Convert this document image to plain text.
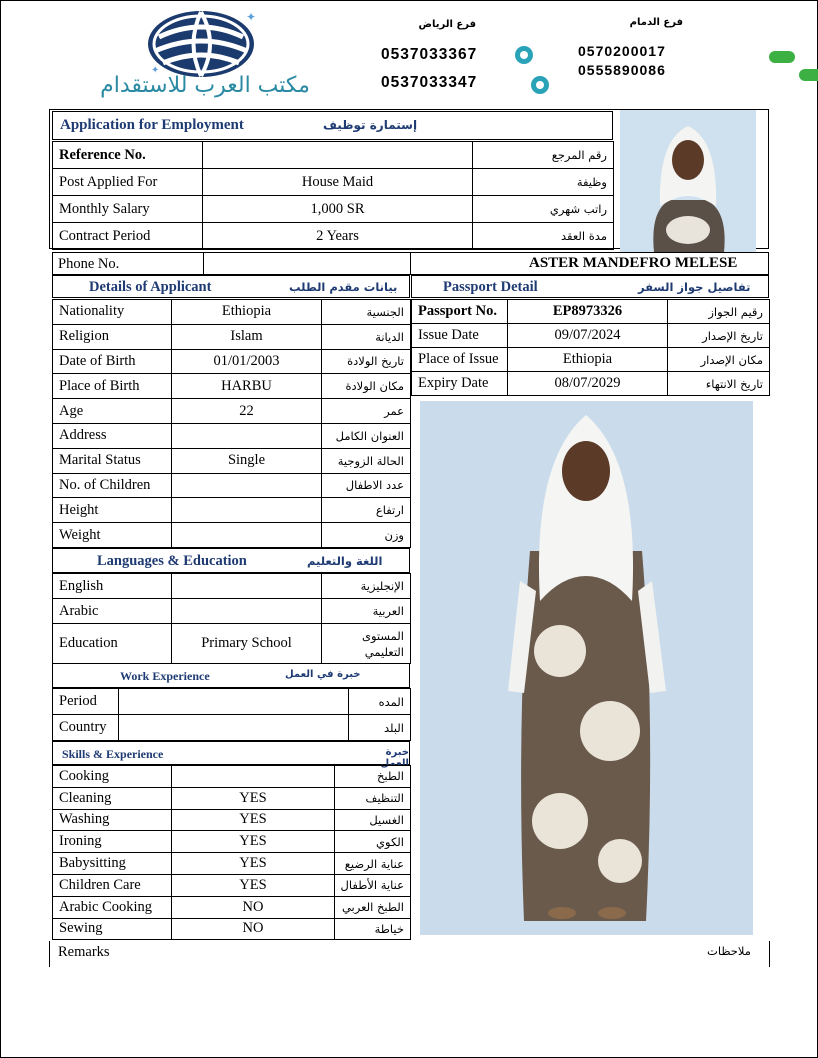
✦
✦
مكتب العرب للاستقدام
فرع الرياض
0537033367

0537033347

فرع الدمام
0570200017

0555890086
Application for Employment	إستمارة توظيف
Reference No.		رقم المرجع
Post Applied For	House Maid	وظيفة
Monthly Salary	1,000 SR	راتب شهري
Contract Period	2 Years	مدة العقد
Phone No.	ASTER MANDEFRO MELESE
Details of Applicant	بيانات مقدم الطلب
Nationality	Ethiopia	الجنسية
Religion	Islam	الديانة
Date of Birth	01/01/2003	تاريخ الولادة
Place of Birth	HARBU	مكان الولادة
Age	22	عمر
Address		العنوان الكامل
Marital Status	Single	الحالة الزوجية
No. of Children		عدد الاطفال
Height		ارتفاع
Weight		وزن
Languages & Education	اللغة والتعليم
English		الإنجليزية
Arabic		العربية
Education	Primary School	المستوى
التعليمي
Work Experience	خبرة في العمل
Period		المده
Country		البلد
Skills & Experience	خبرة العمل
Cooking		الطبخ
Cleaning	YES	التنظيف
Washing	YES	الغسيل
Ironing	YES	الكوي
Babysitting	YES	عناية الرضيع
Children Care	YES	عناية الأطفال
Arabic Cooking	NO	الطبخ العربي
Sewing	NO	خياطة
Passport Detail	تفاصيل جواز السفر
Passport No.	EP8973326	رقيم الجواز
Issue Date	09/07/2024	تاريخ الإصدار
Place of Issue	Ethiopia	مكان الإصدار
Expiry Date	08/07/2029	تاريخ الانتهاء
Remarks	ملاحظات
